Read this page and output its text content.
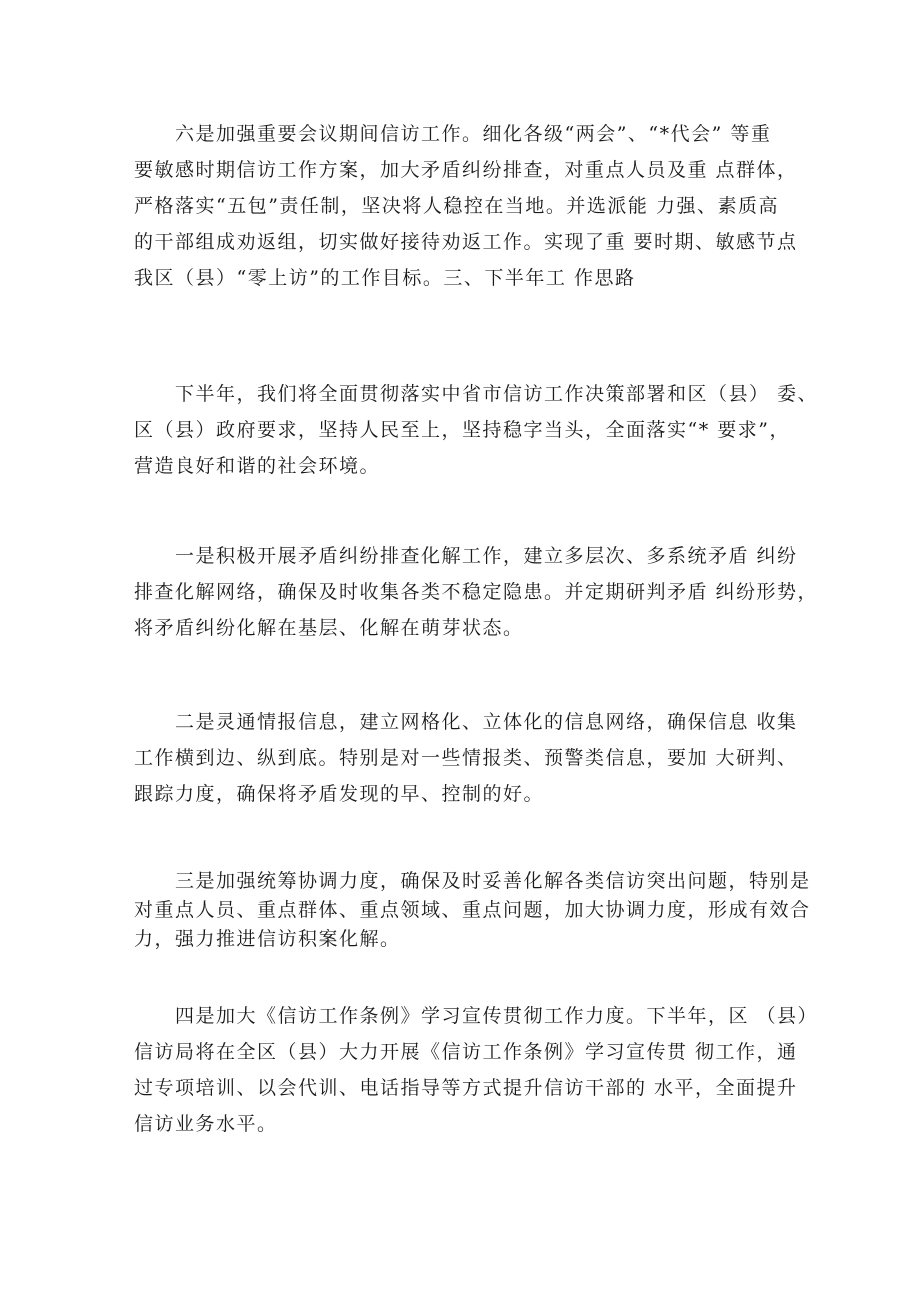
　　六是加强重要会议期间信访工作。细化各级“两会”、“*代会” 等重
要敏感时期信访工作方案，加大矛盾纠纷排查，对重点人员及重 点群体，
严格落实“五包”责任制，坚决将人稳控在当地。并选派能 力强、素质高
的干部组成劝返组，切实做好接待劝返工作。实现了重 要时期、敏感节点
我区（县）“零上访”的工作目标。三、下半年工 作思路

　　下半年，我们将全面贯彻落实中省市信访工作决策部署和区（县） 委、
区（县）政府要求，坚持人民至上，坚持稳字当头，全面落实“* 要求”，
营造良好和谐的社会环境。

　　一是积极开展矛盾纠纷排查化解工作，建立多层次、多系统矛盾 纠纷
排查化解网络，确保及时收集各类不稳定隐患。并定期研判矛盾 纠纷形势，
将矛盾纠纷化解在基层、化解在萌芽状态。

　　二是灵通情报信息，建立网格化、立体化的信息网络，确保信息 收集
工作横到边、纵到底。特别是对一些情报类、预警类信息，要加 大研判、
跟踪力度，确保将矛盾发现的早、控制的好。

　　三是加强统筹协调力度，确保及时妥善化解各类信访突出问题，特别是
对重点人员、重点群体、重点领域、重点问题，加大协调力度，形成有效合
力，强力推进信访积案化解。

　　四是加大《信访工作条例》学习宣传贯彻工作力度。下半年，区 （县）
信访局将在全区（县）大力开展《信访工作条例》学习宣传贯 彻工作，通
过专项培训、以会代训、电话指导等方式提升信访干部的 水平，全面提升
信访业务水平。
